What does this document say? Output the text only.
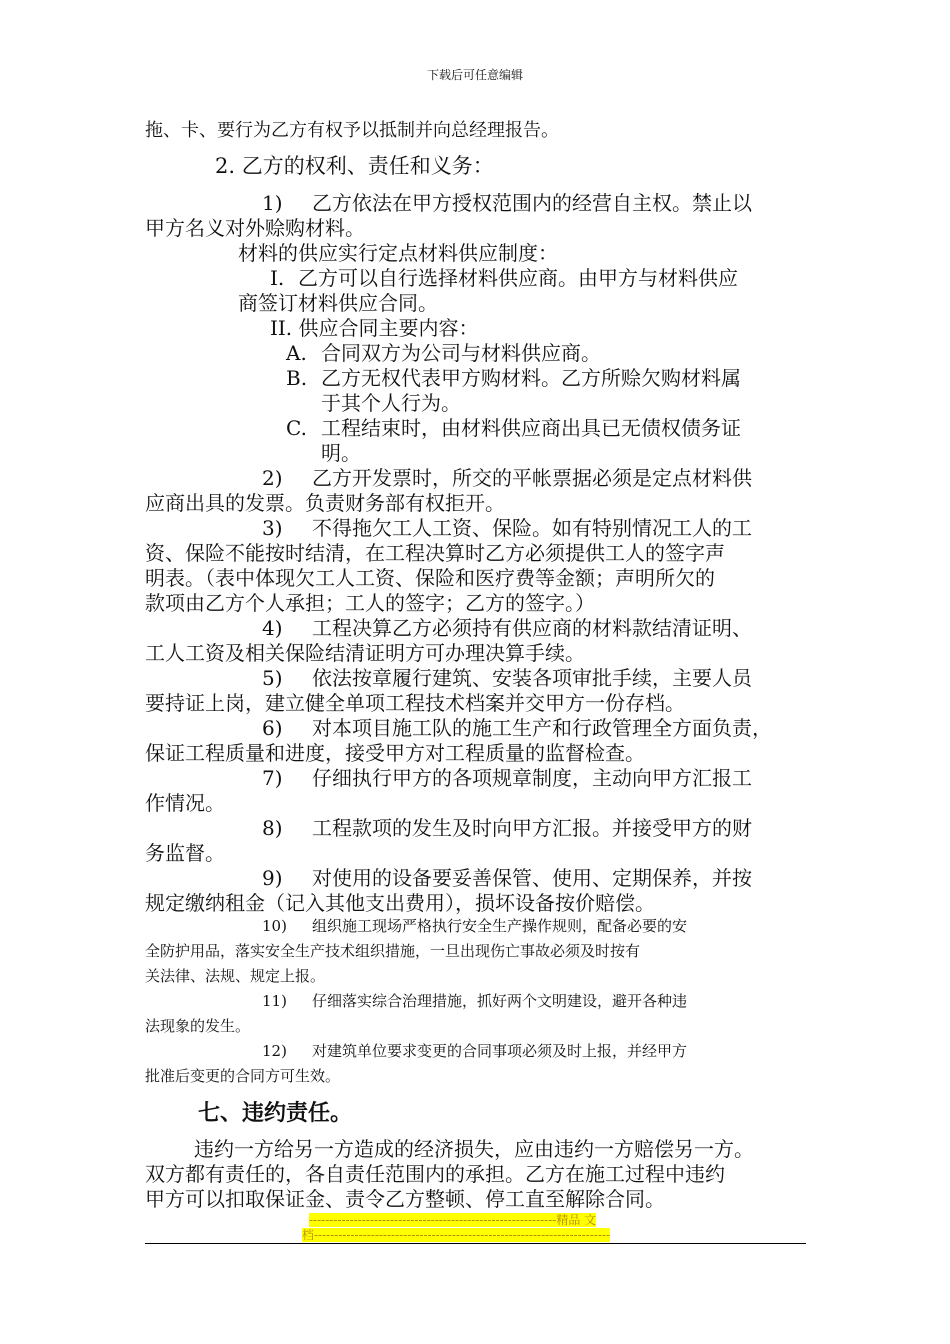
下载后可任意编辑
拖、卡、要行为乙方有权予以抵制并向总经理报告。
2. 乙方的权利、责任和义务：
1) 乙方依法在甲方授权范围内的经营自主权。禁止以
甲方名义对外赊购材料。
材料的供应实行定点材料供应制度：
I. 乙方可以自行选择材料供应商。由甲方与材料供应
商签订材料供应合同。
II. 供应合同主要内容：
A. 合同双方为公司与材料供应商。
B. 乙方无权代表甲方购材料。乙方所赊欠购材料属
于其个人行为。
C. 工程结束时，由材料供应商出具已无债权债务证
明。
2) 乙方开发票时，所交的平帐票据必须是定点材料供
应商出具的发票。负责财务部有权拒开。
3) 不得拖欠工人工资、保险。如有特别情况工人的工
资、保险不能按时结清，在工程决算时乙方必须提供工人的签字声
明表。（表中体现欠工人工资、保险和医疗费等金额；声明所欠的
款项由乙方个人承担；工人的签字；乙方的签字。）
4) 工程决算乙方必须持有供应商的材料款结清证明、
工人工资及相关保险结清证明方可办理决算手续。
5) 依法按章履行建筑、安装各项审批手续，主要人员
要持证上岗，建立健全单项工程技术档案并交甲方一份存档。
6) 对本项目施工队的施工生产和行政管理全方面负责，
保证工程质量和进度，接受甲方对工程质量的监督检查。
7) 仔细执行甲方的各项规章制度，主动向甲方汇报工
作情况。
8) 工程款项的发生及时向甲方汇报。并接受甲方的财
务监督。
9) 对使用的设备要妥善保管、使用、定期保养，并按
规定缴纳租金（记入其他支出费用），损坏设备按价赔偿。
10) 组织施工现场严格执行安全生产操作规则，配备必要的安
全防护用品，落实安全生产技术组织措施，一旦出现伤亡事故必须及时按有
关法律、法规、规定上报。
11) 仔细落实综合治理措施，抓好两个文明建设，避开各种违
法现象的发生。
12) 对建筑单位要求变更的合同事项必须及时上报，并经甲方
批准后变更的合同方可生效。
七、违约责任。
违约一方给另一方造成的经济损失，应由违约一方赔偿另一方。
双方都有责任的，各自责任范围内的承担。乙方在施工过程中违约
甲方可以扣取保证金、责令乙方整顿、停工直至解除合同。
-------------------------------------------------------------精品 文
档-------------------------------------------------------------------------
